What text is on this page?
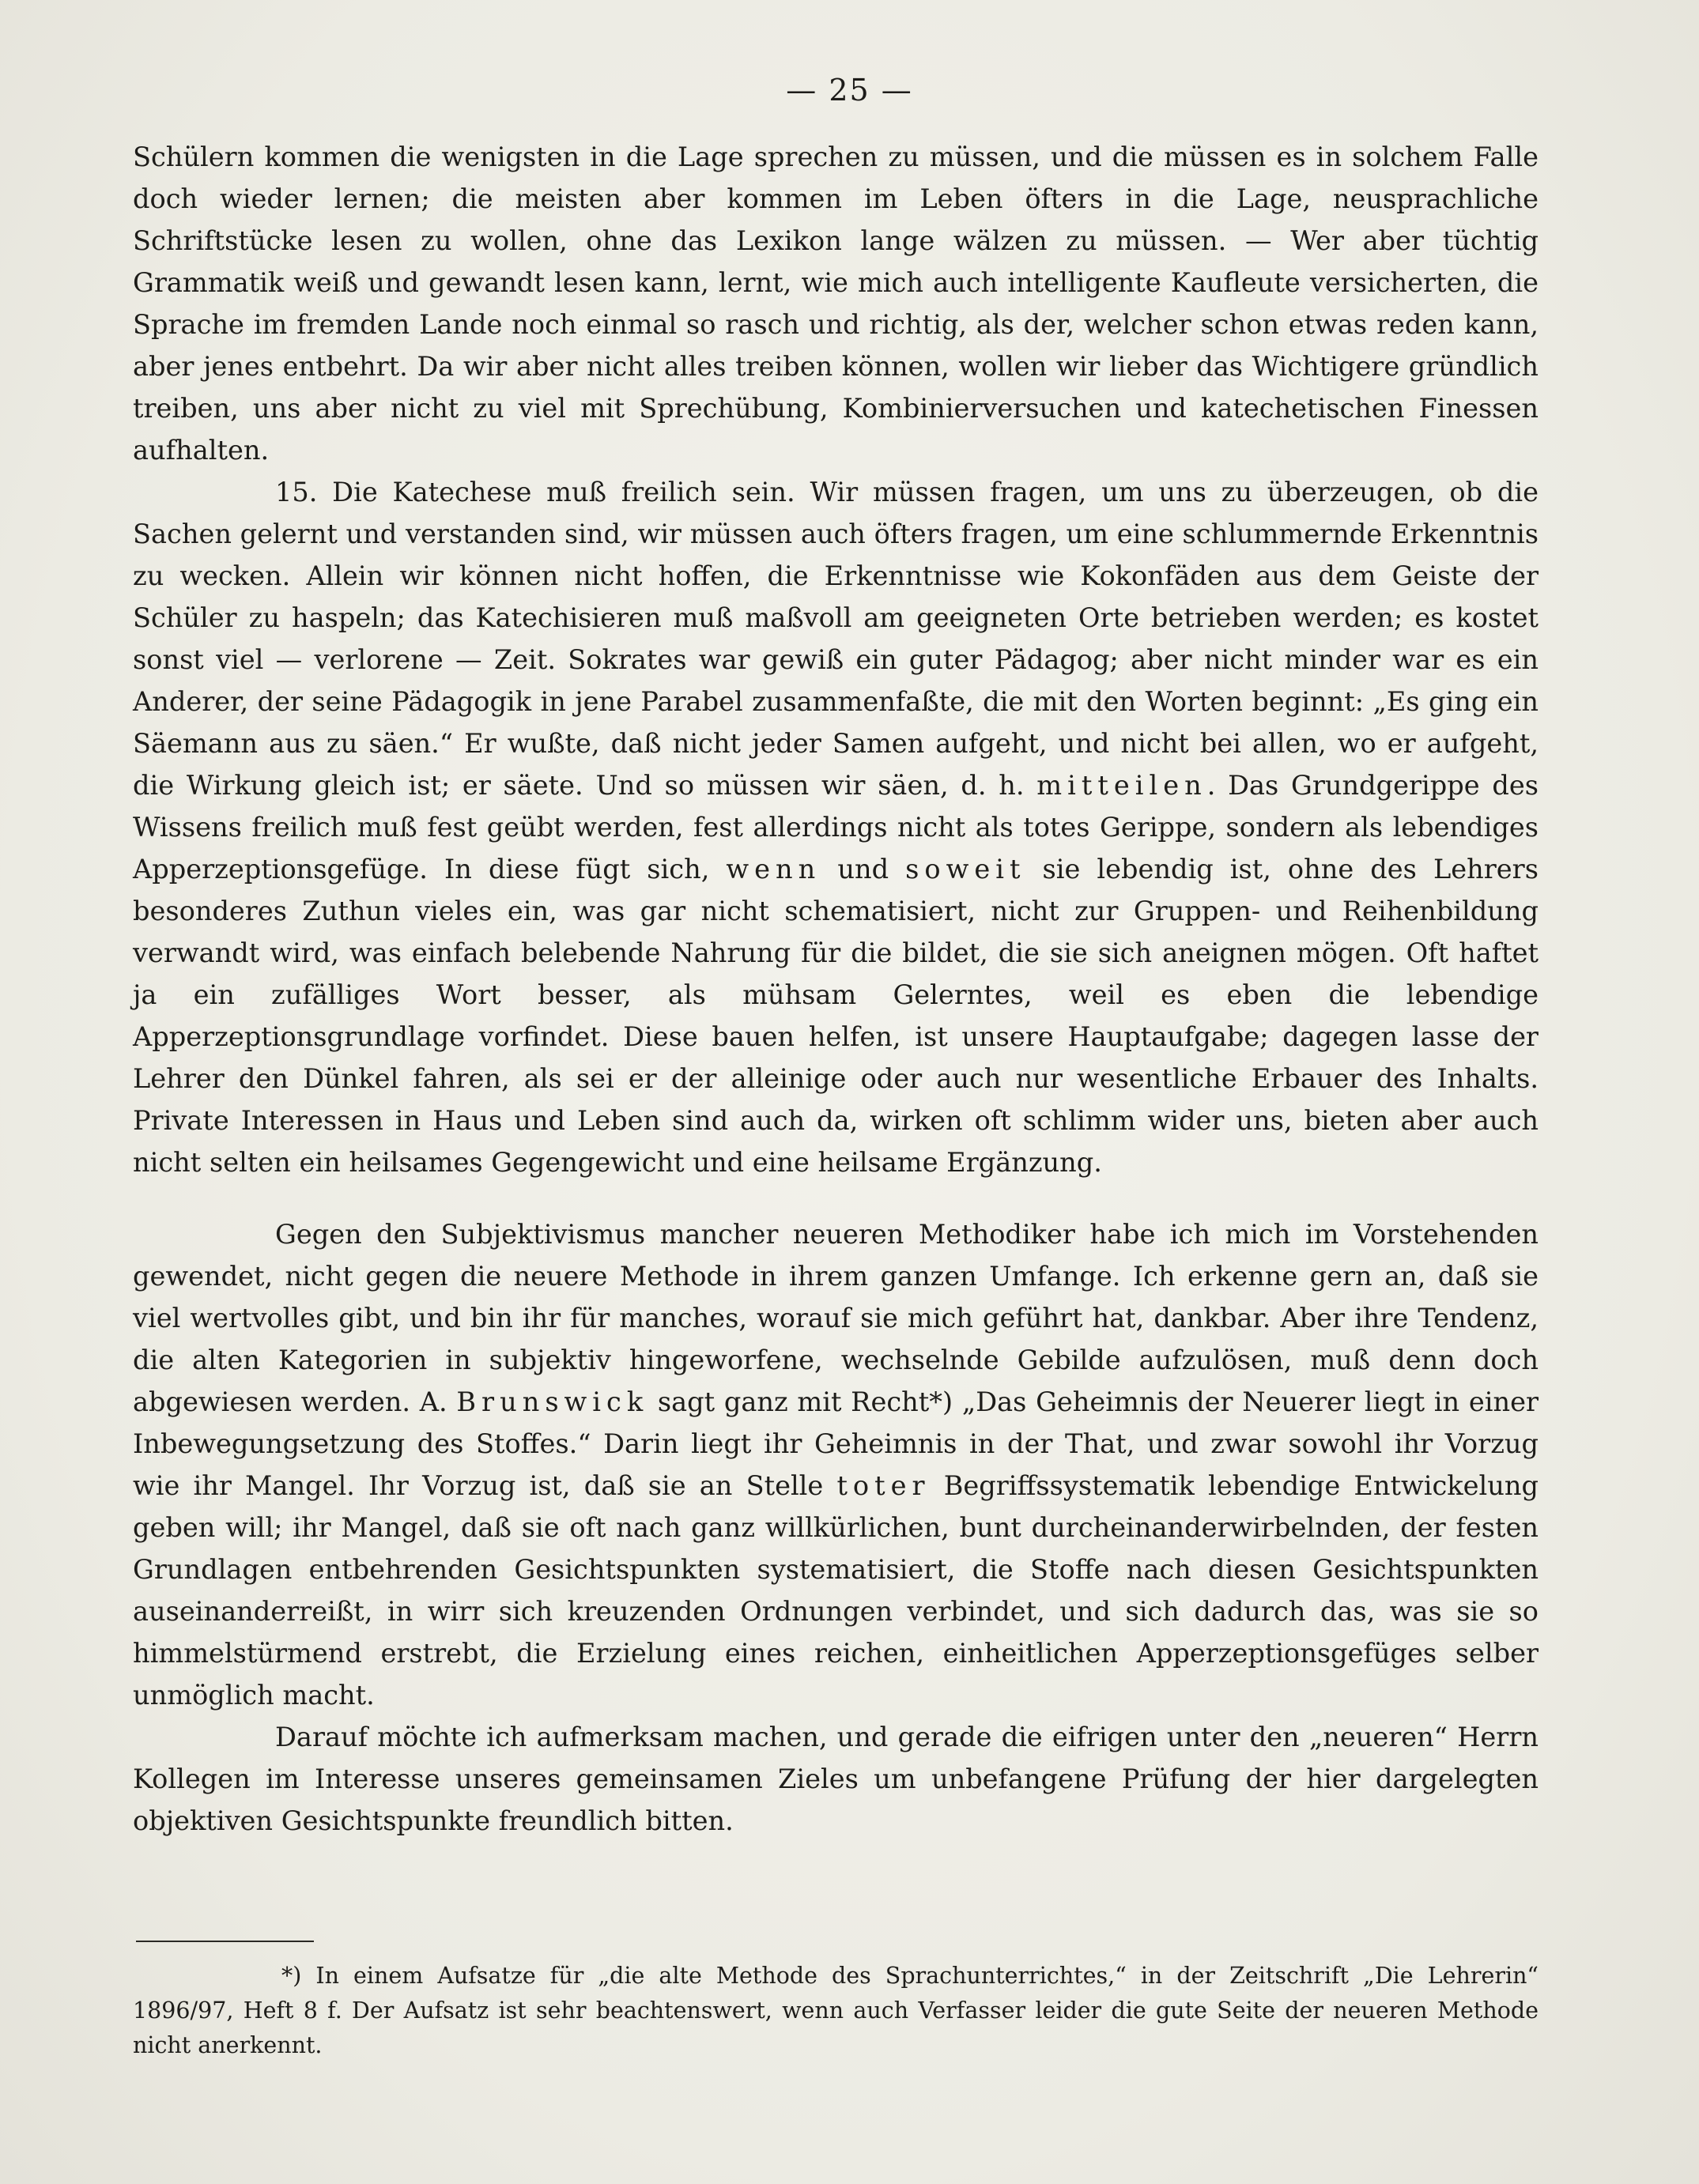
— 25 —

Schülern kommen die wenigsten in die Lage sprechen zu müssen, und die müssen es in solchem Falle doch wieder lernen; die meisten aber kommen im Leben öfters in die Lage, neusprachliche Schriftstücke lesen zu wollen, ohne das Lexikon lange wälzen zu müssen. — Wer aber tüchtig Grammatik weiß und gewandt lesen kann, lernt, wie mich auch intelligente Kaufleute versicherten, die Sprache im fremden Lande noch einmal so rasch und richtig, als der, welcher schon etwas reden kann, aber jenes entbehrt. Da wir aber nicht alles treiben können, wollen wir lieber das Wichtigere gründlich treiben, uns aber nicht zu viel mit Sprechübung, Kombinierversuchen und katechetischen Finessen aufhalten.

15. Die Katechese muß freilich sein. Wir müssen fragen, um uns zu überzeugen, ob die Sachen gelernt und verstanden sind, wir müssen auch öfters fragen, um eine schlummernde Erkenntnis zu wecken. Allein wir können nicht hoffen, die Erkenntnisse wie Kokonfäden aus dem Geiste der Schüler zu haspeln; das Katechisieren muß maßvoll am geeigneten Orte betrieben werden; es kostet sonst viel — verlorene — Zeit. Sokrates war gewiß ein guter Pädagog; aber nicht minder war es ein Anderer, der seine Pädagogik in jene Parabel zusammenfaßte, die mit den Worten beginnt: „Es ging ein Säemann aus zu säen.“ Er wußte, daß nicht jeder Samen aufgeht, und nicht bei allen, wo er aufgeht, die Wirkung gleich ist; er säete. Und so müssen wir säen, d. h. mitteilen. Das Grundgerippe des Wissens freilich muß fest geübt werden, fest allerdings nicht als totes Gerippe, sondern als lebendiges Apperzeptionsgefüge. In diese fügt sich, wenn und soweit sie lebendig ist, ohne des Lehrers besonderes Zuthun vieles ein, was gar nicht schematisiert, nicht zur Gruppen- und Reihenbildung verwandt wird, was einfach belebende Nahrung für die bildet, die sie sich aneignen mögen. Oft haftet ja ein zufälliges Wort besser, als mühsam Gelerntes, weil es eben die lebendige Apperzeptionsgrundlage vorfindet. Diese bauen helfen, ist unsere Hauptaufgabe; dagegen lasse der Lehrer den Dünkel fahren, als sei er der alleinige oder auch nur wesentliche Erbauer des Inhalts. Private Interessen in Haus und Leben sind auch da, wirken oft schlimm wider uns, bieten aber auch nicht selten ein heilsames Gegengewicht und eine heilsame Ergänzung.

Gegen den Subjektivismus mancher neueren Methodiker habe ich mich im Vorstehenden gewendet, nicht gegen die neuere Methode in ihrem ganzen Umfange. Ich erkenne gern an, daß sie viel wertvolles gibt, und bin ihr für manches, worauf sie mich geführt hat, dankbar. Aber ihre Tendenz, die alten Kategorien in subjektiv hingeworfene, wechselnde Gebilde aufzulösen, muß denn doch abgewiesen werden. A. Brunswick sagt ganz mit Recht*) „Das Geheimnis der Neuerer liegt in einer Inbewegungsetzung des Stoffes.“ Darin liegt ihr Geheimnis in der That, und zwar sowohl ihr Vorzug wie ihr Mangel. Ihr Vorzug ist, daß sie an Stelle toter Begriffssystematik lebendige Entwickelung geben will; ihr Mangel, daß sie oft nach ganz willkürlichen, bunt durcheinanderwirbelnden, der festen Grundlagen entbehrenden Gesichtspunkten systematisiert, die Stoffe nach diesen Gesichtspunkten auseinanderreißt, in wirr sich kreuzenden Ordnungen verbindet, und sich dadurch das, was sie so himmelstürmend erstrebt, die Erzielung eines reichen, einheitlichen Apperzeptionsgefüges selber unmöglich macht.

Darauf möchte ich aufmerksam machen, und gerade die eifrigen unter den „neueren“ Herrn Kollegen im Interesse unseres gemeinsamen Zieles um unbefangene Prüfung der hier dargelegten objektiven Gesichtspunkte freundlich bitten.

*) In einem Aufsatze für „die alte Methode des Sprachunterrichtes,“ in der Zeitschrift „Die Lehrerin“ 1896/97, Heft 8 f. Der Aufsatz ist sehr beachtenswert, wenn auch Verfasser leider die gute Seite der neueren Methode nicht anerkennt.
